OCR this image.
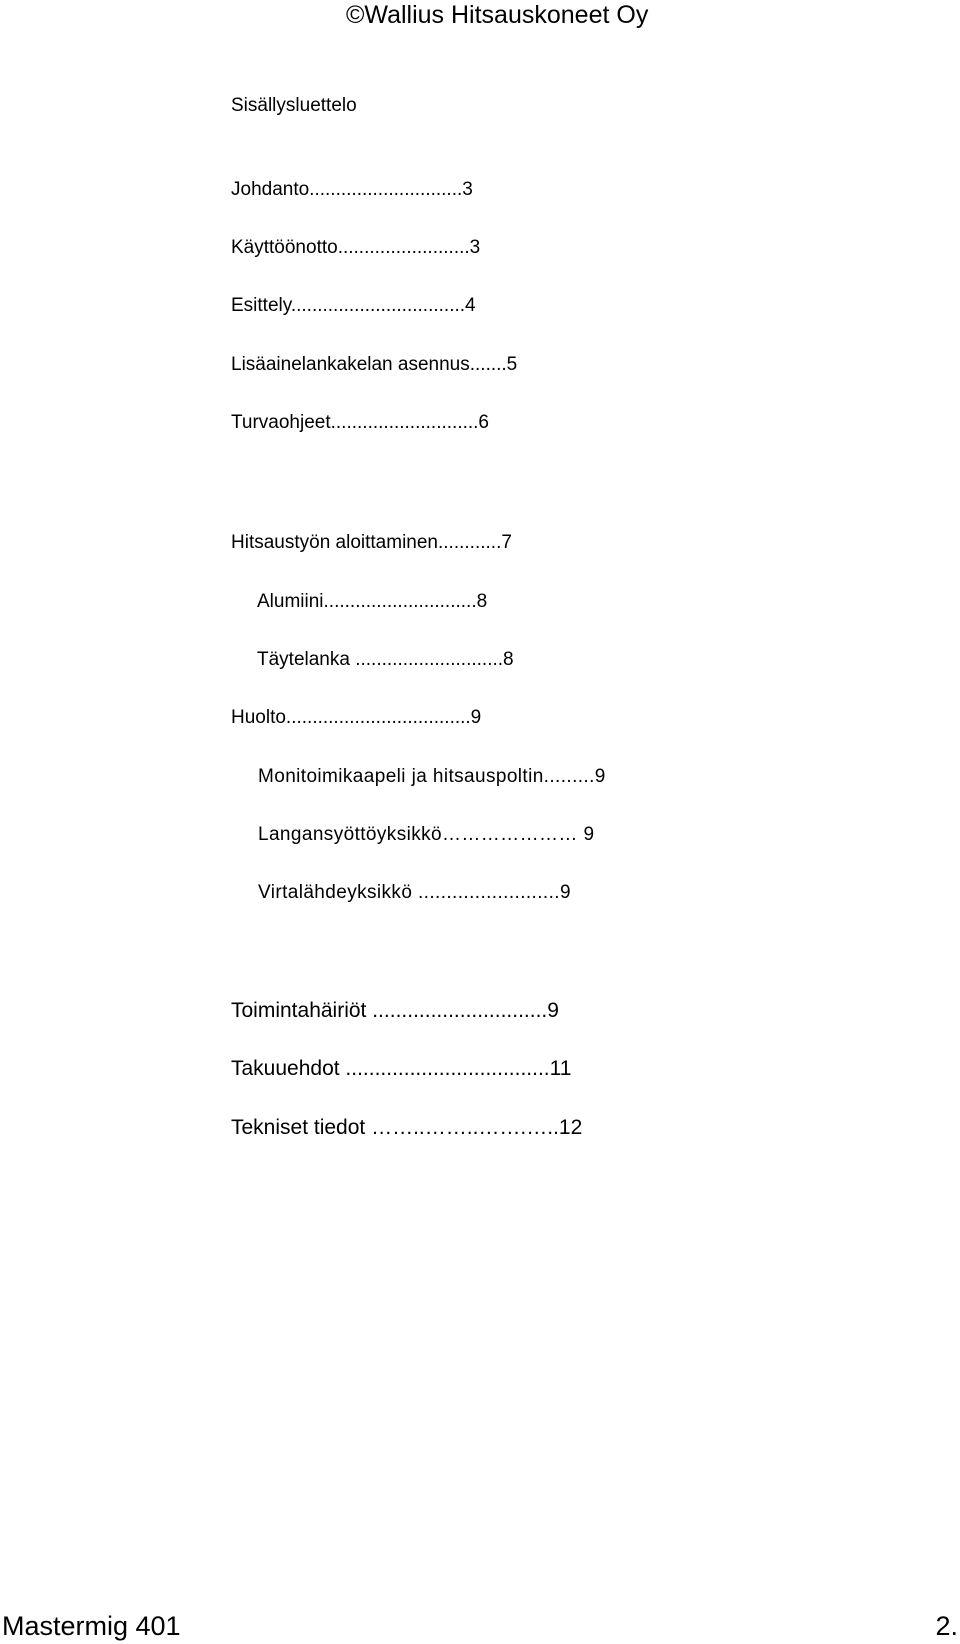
©Wallius Hitsauskoneet Oy
Sisällysluettelo
Johdanto.............................3
Käyttöönotto.........................3
Esittely.................................4
Lisäainelankakelan asennus.......5
Turvaohjeet............................6
Hitsaustyön aloittaminen............7
Alumiini.............................8
Täytelanka ............................8
Huolto...................................9
Monitoimikaapeli ja hitsauspoltin.........9
Langansyöttöyksikkö………………… 9
Virtalähdeyksikkö .........................9
Toimintahäiriöt ..............................9
Takuuehdot ...................................11
Tekniset tiedot ……..……..…….…..12
Mastermig 401	2.
